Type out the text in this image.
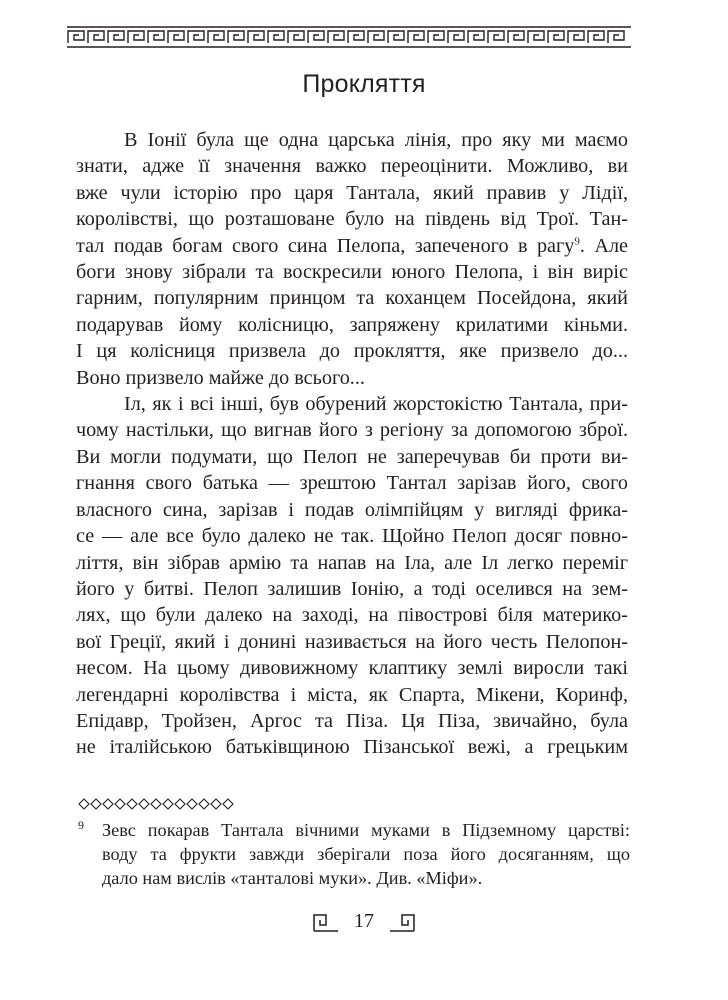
Прокляття
В Іонії була ще одна царська лінія, про яку ми маємо
знати, адже її значення важко переоцінити. Можливо, ви
вже чули історію про царя Тантала, який правив у Лідії,
королівстві, що розташоване було на південь від Трої. Тан-
тал подав богам свого сина Пелопа, запеченого в рагу$^9$. Але
боги знову зібрали та воскресили юного Пелопа, і він виріс
гарним, популярним принцом та коханцем Посейдона, який
подарував йому колісницю, запряжену крилатими кіньми.
І ця колісниця призвела до прокляття, яке призвело до...
Воно призвело майже до всього...
Іл, як і всі інші, був обурений жорстокістю Тантала, при-
чому настільки, що вигнав його з регіону за допомогою зброї.
Ви могли подумати, що Пелоп не заперечував би проти ви-
гнання свого батька — зрештою Тантал зарізав його, свого
власного сина, зарізав і подав олімпійцям у вигляді фрика-
се — але все було далеко не так. Щойно Пелоп досяг повно-
ліття, він зібрав армію та напав на Іла, але Іл легко переміг
його у битві. Пелоп залишив Іонію, а тоді оселився на зем-
лях, що були далеко на заході, на півострові біля материко-
вої Греції, який і донині називається на його честь Пелопон-
несом. На цьому дивовижному клаптику землі виросли такі
легендарні королівства і міста, як Спарта, Мікени, Коринф,
Епідавр, Тройзен, Аргос та Піза. Ця Піза, звичайно, була
не італійською батьківщиною Пізанської вежі, а грецьким
9 Зевс покарав Тантала вічними муками в Підземному царстві:
воду та фрукти завжди зберігали поза його досяганням, що
дало нам вислів «танталові муки». Див. «Міфи».
17
